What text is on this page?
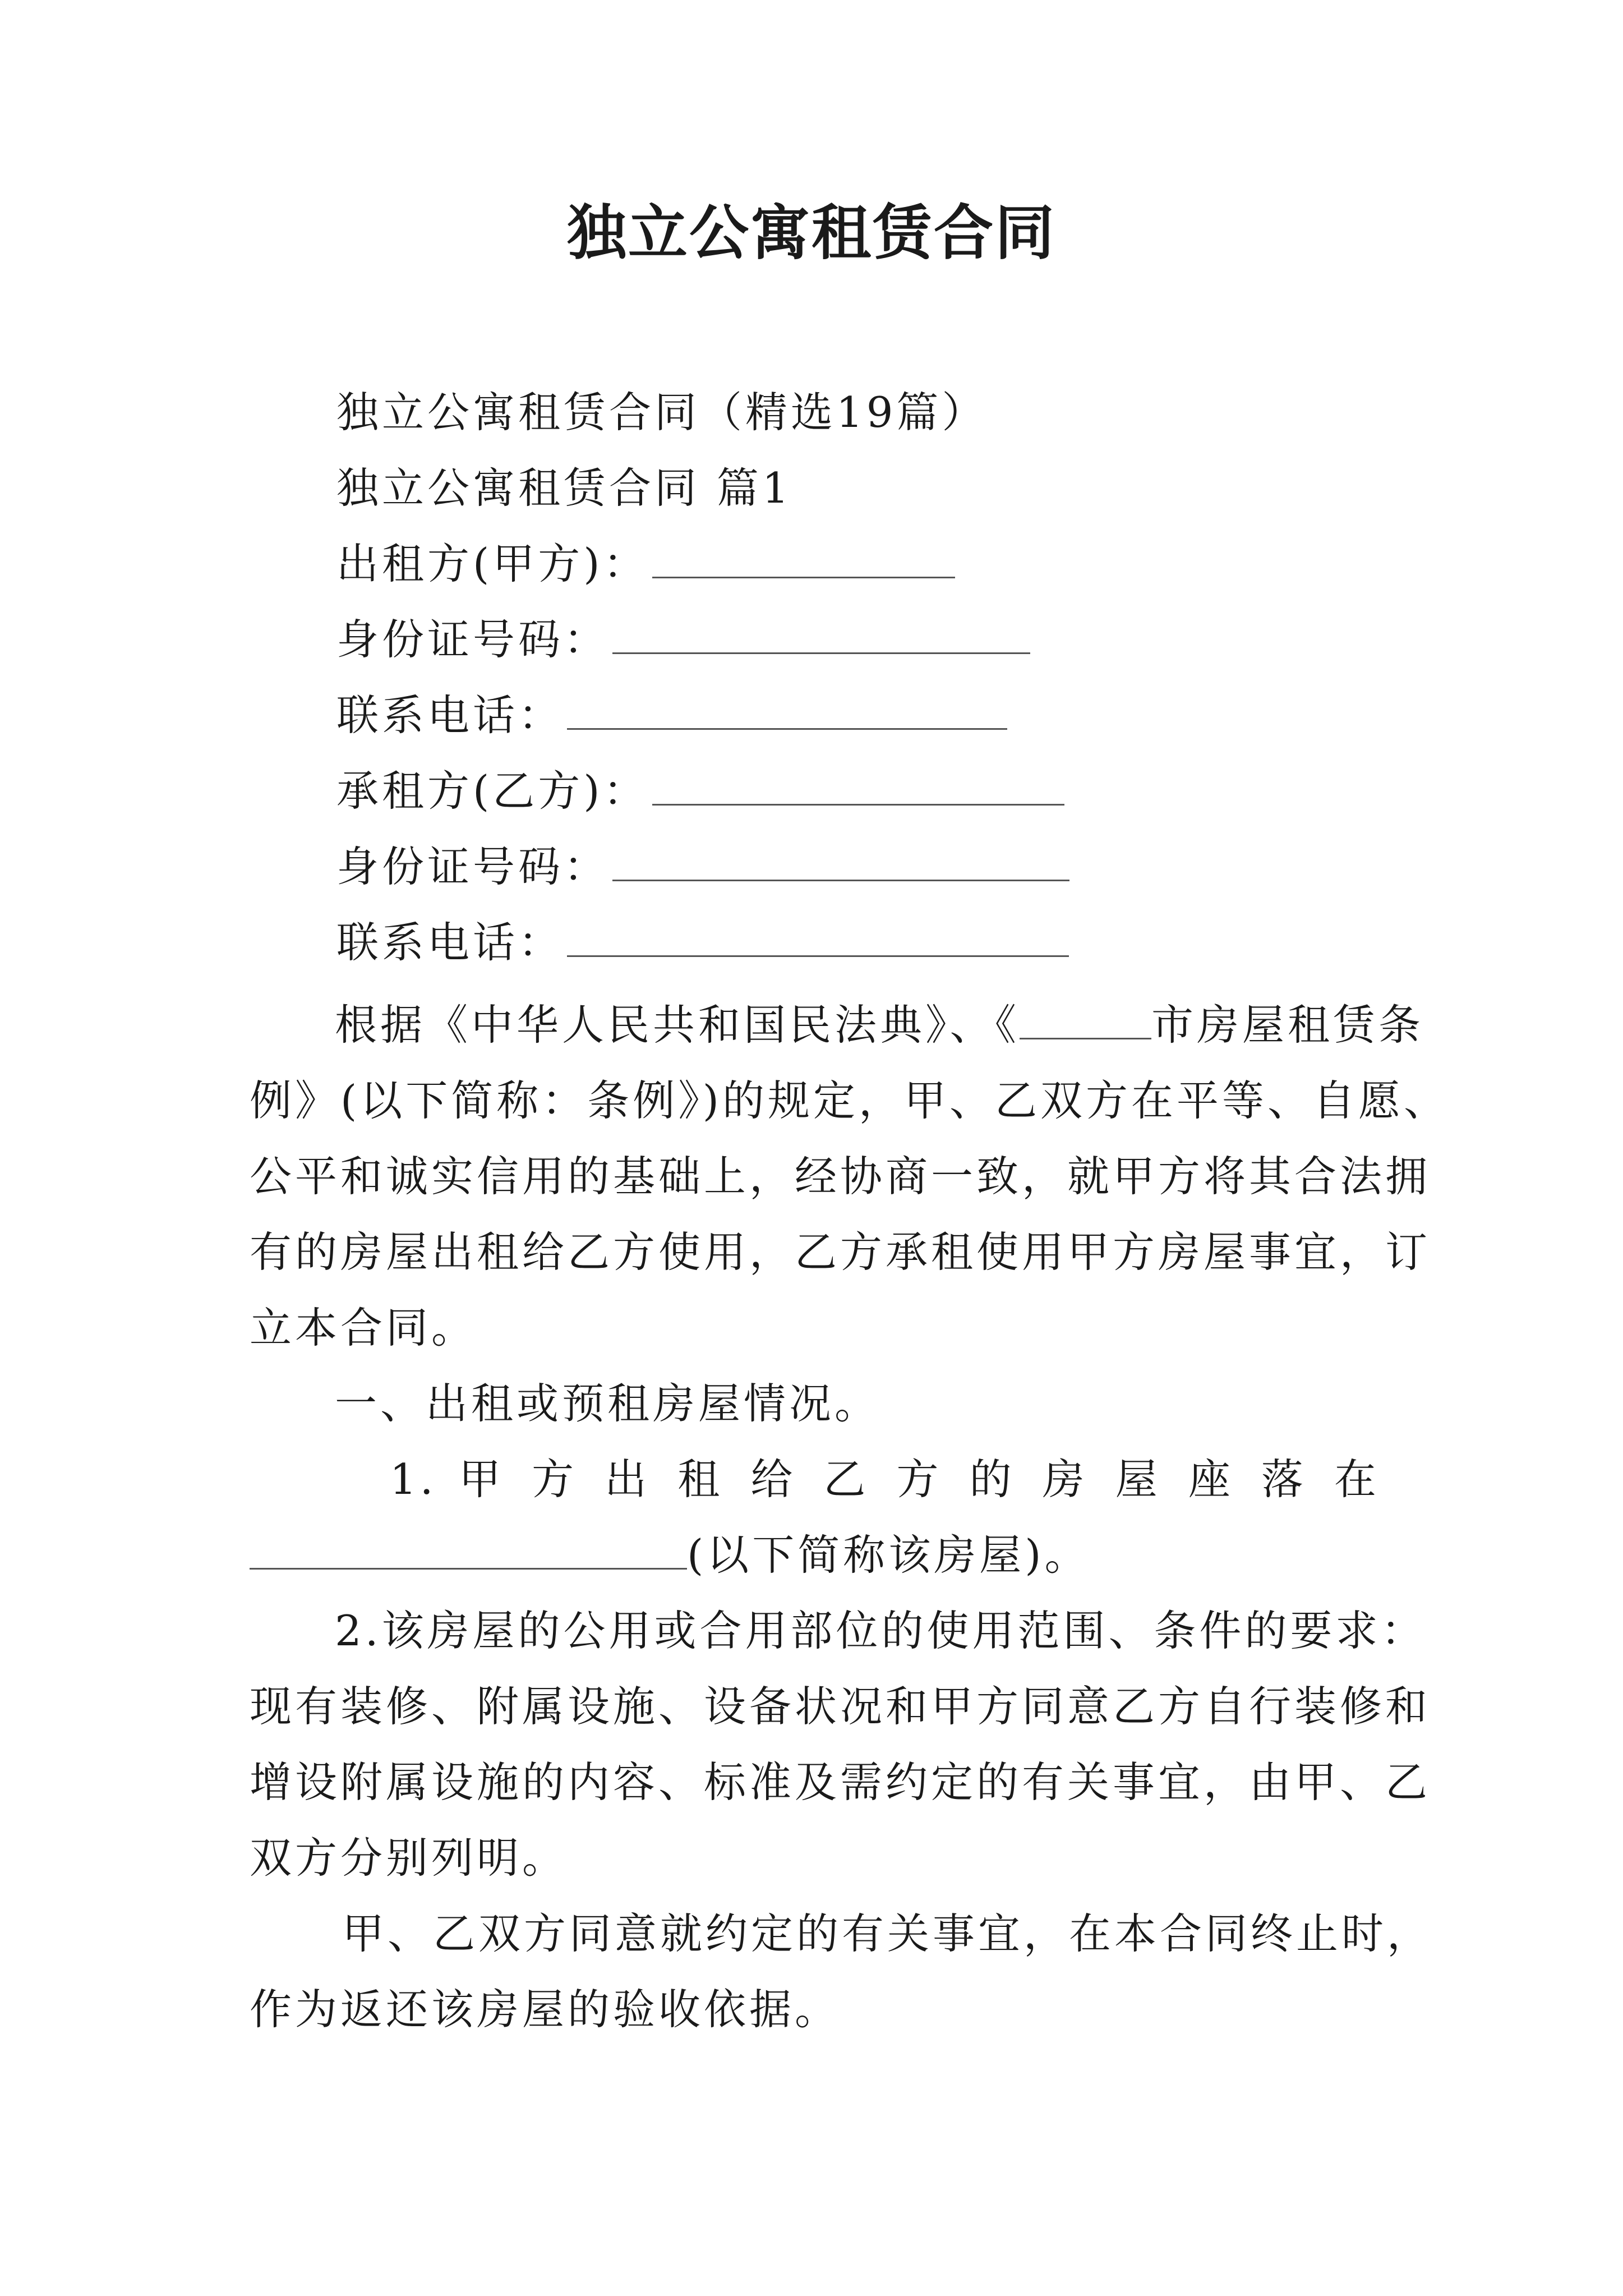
独立公寓租赁合同
独立公寓租赁合同（精选19篇）
独立公寓租赁合同 篇1
出租方(甲方)：
身份证号码：
联系电话：
承租方(乙方)：
身份证号码：
联系电话：
根据《中华人民共和国民法典》、《	市房屋租赁条
例》(以下简称：条例》)的规定，甲、乙双方在平等、自愿、
公平和诚实信用的基础上，经协商一致，就甲方将其合法拥
有的房屋出租给乙方使用，乙方承租使用甲方房屋事宜，订
立本合同。
一、出租或预租房屋情况。
1. 甲 方 出 租 给 乙 方 的 房 屋 座 落 在
(以下简称该房屋)。
2.该房屋的公用或合用部位的使用范围、条件的要求：
现有装修、附属设施、设备状况和甲方同意乙方自行装修和
增设附属设施的内容、标准及需约定的有关事宜，由甲、乙
双方分别列明。
甲、乙双方同意就约定的有关事宜，在本合同终止时，
作为返还该房屋的验收依据。
